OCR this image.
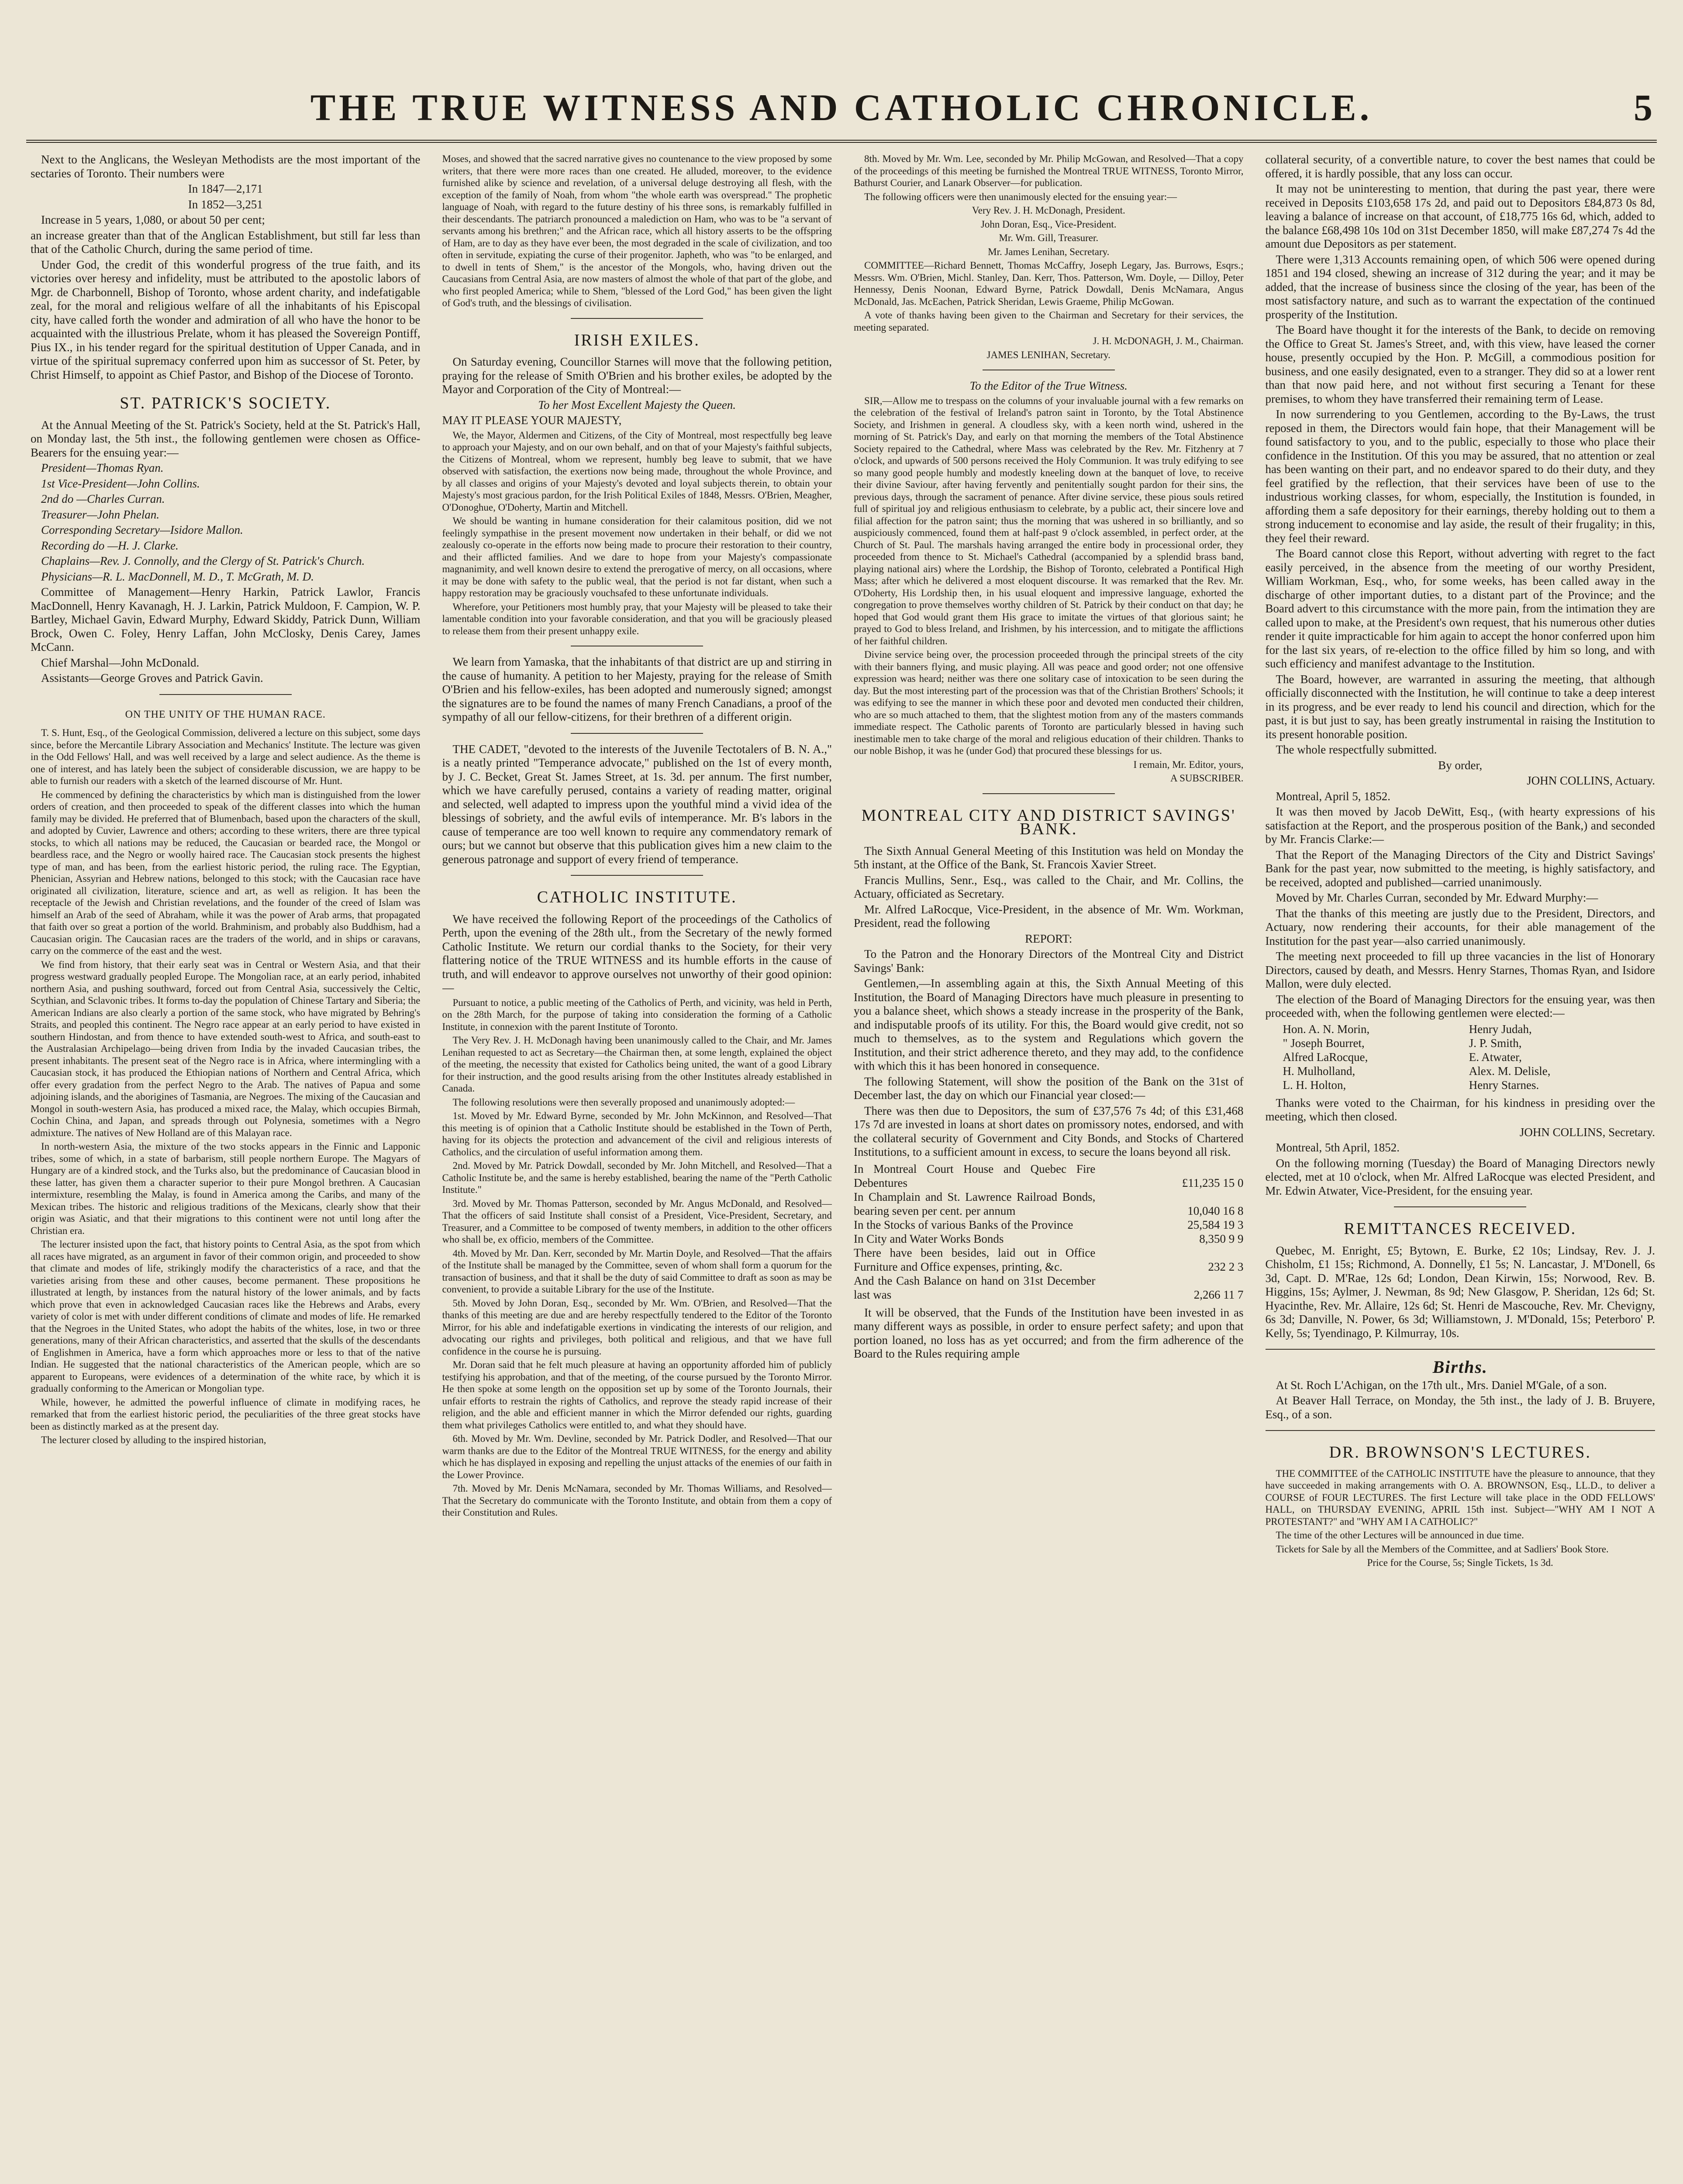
THE TRUE WITNESS AND CATHOLIC CHRONICLE.	5

Next to the Anglicans, the Wesleyan Methodists are the most important of the sectaries of Toronto. Their numbers were

In 1847—2,171

In 1852—3,251

Increase in 5 years, 1,080, or about 50 per cent;

an increase greater than that of the Anglican Establishment, but still far less than that of the Catholic Church, during the same period of time.

Under God, the credit of this wonderful progress of the true faith, and its victories over heresy and infidelity, must be attributed to the apostolic labors of Mgr. de Charbonnell, Bishop of Toronto, whose ardent charity, and indefatigable zeal, for the moral and religious welfare of all the inhabitants of his Episcopal city, have called forth the wonder and admiration of all who have the honor to be acquainted with the illustrious Prelate, whom it has pleased the Sovereign Pontiff, Pius IX., in his tender regard for the spiritual destitution of Upper Canada, and in virtue of the spiritual supremacy conferred upon him as successor of St. Peter, by Christ Himself, to appoint as Chief Pastor, and Bishop of the Diocese of Toronto.

ST. PATRICK'S SOCIETY.

At the Annual Meeting of the St. Patrick's Society, held at the St. Patrick's Hall, on Monday last, the 5th inst., the following gentlemen were chosen as Office-Bearers for the ensuing year:—

President—Thomas Ryan.

1st Vice-President—John Collins.

2nd do —Charles Curran.

Treasurer—John Phelan.

Corresponding Secretary—Isidore Mallon.

Recording do —H. J. Clarke.

Chaplains—Rev. J. Connolly, and the Clergy of St. Patrick's Church.

Physicians—R. L. MacDonnell, M. D., T. McGrath, M. D.

Committee of Management—Henry Harkin, Patrick Lawlor, Francis MacDonnell, Henry Kavanagh, H. J. Larkin, Patrick Muldoon, F. Campion, W. P. Bartley, Michael Gavin, Edward Murphy, Edward Skiddy, Patrick Dunn, William Brock, Owen C. Foley, Henry Laffan, John McClosky, Denis Carey, James McCann.

Chief Marshal—John McDonald.

Assistants—George Groves and Patrick Gavin.

ON THE UNITY OF THE HUMAN RACE.

T. S. Hunt, Esq., of the Geological Commission, delivered a lecture on this subject, some days since, before the Mercantile Library Association and Mechanics' Institute. The lecture was given in the Odd Fellows' Hall, and was well received by a large and select audience. As the theme is one of interest, and has lately been the subject of considerable discussion, we are happy to be able to furnish our readers with a sketch of the learned discourse of Mr. Hunt.

He commenced by defining the characteristics by which man is distinguished from the lower orders of creation, and then proceeded to speak of the different classes into which the human family may be divided. He preferred that of Blumenbach, based upon the characters of the skull, and adopted by Cuvier, Lawrence and others; according to these writers, there are three typical stocks, to which all nations may be reduced, the Caucasian or bearded race, the Mongol or beardless race, and the Negro or woolly haired race. The Caucasian stock presents the highest type of man, and has been, from the earliest historic period, the ruling race. The Egyptian, Phenician, Assyrian and Hebrew nations, belonged to this stock; with the Caucasian race have originated all civilization, literature, science and art, as well as religion. It has been the receptacle of the Jewish and Christian revelations, and the founder of the creed of Islam was himself an Arab of the seed of Abraham, while it was the power of Arab arms, that propagated that faith over so great a portion of the world. Brahminism, and probably also Buddhism, had a Caucasian origin. The Caucasian races are the traders of the world, and in ships or caravans, carry on the commerce of the east and the west.

We find from history, that their early seat was in Central or Western Asia, and that their progress westward gradually peopled Europe. The Mongolian race, at an early period, inhabited northern Asia, and pushing southward, forced out from Central Asia, successively the Celtic, Scythian, and Sclavonic tribes. It forms to-day the population of Chinese Tartary and Siberia; the American Indians are also clearly a portion of the same stock, who have migrated by Behring's Straits, and peopled this continent. The Negro race appear at an early period to have existed in southern Hindostan, and from thence to have extended south-west to Africa, and south-east to the Australasian Archipelago—being driven from India by the invaded Caucasian tribes, the present inhabitants. The present seat of the Negro race is in Africa, where intermingling with a Caucasian stock, it has produced the Ethiopian nations of Northern and Central Africa, which offer every gradation from the perfect Negro to the Arab. The natives of Papua and some adjoining islands, and the aborigines of Tasmania, are Negroes. The mixing of the Caucasian and Mongol in south-western Asia, has produced a mixed race, the Malay, which occupies Birmah, Cochin China, and Japan, and spreads through out Polynesia, sometimes with a Negro admixture. The natives of New Holland are of this Malayan race.

In north-western Asia, the mixture of the two stocks appears in the Finnic and Lapponic tribes, some of which, in a state of barbarism, still people northern Europe. The Magyars of Hungary are of a kindred stock, and the Turks also, but the predominance of Caucasian blood in these latter, has given them a character superior to their pure Mongol brethren. A Caucasian intermixture, resembling the Malay, is found in America among the Caribs, and many of the Mexican tribes. The historic and religious traditions of the Mexicans, clearly show that their origin was Asiatic, and that their migrations to this continent were not until long after the Christian era.

The lecturer insisted upon the fact, that history points to Central Asia, as the spot from which all races have migrated, as an argument in favor of their common origin, and proceeded to show that climate and modes of life, strikingly modify the characteristics of a race, and that the varieties arising from these and other causes, become permanent. These propositions he illustrated at length, by instances from the natural history of the lower animals, and by facts which prove that even in acknowledged Caucasian races like the Hebrews and Arabs, every variety of color is met with under different conditions of climate and modes of life. He remarked that the Negroes in the United States, who adopt the habits of the whites, lose, in two or three generations, many of their African characteristics, and asserted that the skulls of the descendants of Englishmen in America, have a form which approaches more or less to that of the native Indian. He suggested that the national characteristics of the American people, which are so apparent to Europeans, were evidences of a determination of the white race, by which it is gradually conforming to the American or Mongolian type.

While, however, he admitted the powerful influence of climate in modifying races, he remarked that from the earliest historic period, the peculiarities of the three great stocks have been as distinctly marked as at the present day.

The lecturer closed by alluding to the inspired historian,

Moses, and showed that the sacred narrative gives no countenance to the view proposed by some writers, that there were more races than one created. He alluded, moreover, to the evidence furnished alike by science and revelation, of a universal deluge destroying all flesh, with the exception of the family of Noah, from whom "the whole earth was overspread." The prophetic language of Noah, with regard to the future destiny of his three sons, is remarkably fulfilled in their descendants. The patriarch pronounced a malediction on Ham, who was to be "a servant of servants among his brethren;" and the African race, which all history asserts to be the offspring of Ham, are to day as they have ever been, the most degraded in the scale of civilization, and too often in servitude, expiating the curse of their progenitor. Japheth, who was "to be enlarged, and to dwell in tents of Shem," is the ancestor of the Mongols, who, having driven out the Caucasians from Central Asia, are now masters of almost the whole of that part of the globe, and who first peopled America; while to Shem, "blessed of the Lord God," has been given the light of God's truth, and the blessings of civilisation.

IRISH EXILES.

On Saturday evening, Councillor Starnes will move that the following petition, praying for the release of Smith O'Brien and his brother exiles, be adopted by the Mayor and Corporation of the City of Montreal:—

To her Most Excellent Majesty the Queen.

MAY IT PLEASE YOUR MAJESTY,

We, the Mayor, Aldermen and Citizens, of the City of Montreal, most respectfully beg leave to approach your Majesty, and on our own behalf, and on that of your Majesty's faithful subjects, the Citizens of Montreal, whom we represent, humbly beg leave to submit, that we have observed with satisfaction, the exertions now being made, throughout the whole Province, and by all classes and origins of your Majesty's devoted and loyal subjects therein, to obtain your Majesty's most gracious pardon, for the Irish Political Exiles of 1848, Messrs. O'Brien, Meagher, O'Donoghue, O'Doherty, Martin and Mitchell.

We should be wanting in humane consideration for their calamitous position, did we not feelingly sympathise in the present movement now undertaken in their behalf, or did we not zealously co-operate in the efforts now being made to procure their restoration to their country, and their afflicted families. And we dare to hope from your Majesty's compassionate magnanimity, and well known desire to extend the prerogative of mercy, on all occasions, where it may be done with safety to the public weal, that the period is not far distant, when such a happy restoration may be graciously vouchsafed to these unfortunate individuals.

Wherefore, your Petitioners most humbly pray, that your Majesty will be pleased to take their lamentable condition into your favorable consideration, and that you will be graciously pleased to release them from their present unhappy exile.

We learn from Yamaska, that the inhabitants of that district are up and stirring in the cause of humanity. A petition to her Majesty, praying for the release of Smith O'Brien and his fellow-exiles, has been adopted and numerously signed; amongst the signatures are to be found the names of many French Canadians, a proof of the sympathy of all our fellow-citizens, for their brethren of a different origin.

THE CADET, "devoted to the interests of the Juvenile Tectotalers of B. N. A.," is a neatly printed "Temperance advocate," published on the 1st of every month, by J. C. Becket, Great St. James Street, at 1s. 3d. per annum. The first number, which we have carefully perused, contains a variety of reading matter, original and selected, well adapted to impress upon the youthful mind a vivid idea of the blessings of sobriety, and the awful evils of intemperance. Mr. B's labors in the cause of temperance are too well known to require any commendatory remark of ours; but we cannot but observe that this publication gives him a new claim to the generous patronage and support of every friend of temperance.

CATHOLIC INSTITUTE.

We have received the following Report of the proceedings of the Catholics of Perth, upon the evening of the 28th ult., from the Secretary of the newly formed Catholic Institute. We return our cordial thanks to the Society, for their very flattering notice of the TRUE WITNESS and its humble efforts in the cause of truth, and will endeavor to approve ourselves not unworthy of their good opinion:—

Pursuant to notice, a public meeting of the Catholics of Perth, and vicinity, was held in Perth, on the 28th March, for the purpose of taking into consideration the forming of a Catholic Institute, in connexion with the parent Institute of Toronto.

The Very Rev. J. H. McDonagh having been unanimously called to the Chair, and Mr. James Lenihan requested to act as Secretary—the Chairman then, at some length, explained the object of the meeting, the necessity that existed for Catholics being united, the want of a good Library for their instruction, and the good results arising from the other Institutes already established in Canada.

The following resolutions were then severally proposed and unanimously adopted:—

1st. Moved by Mr. Edward Byrne, seconded by Mr. John McKinnon, and Resolved—That this meeting is of opinion that a Catholic Institute should be established in the Town of Perth, having for its objects the protection and advancement of the civil and religious interests of Catholics, and the circulation of useful information among them.

2nd. Moved by Mr. Patrick Dowdall, seconded by Mr. John Mitchell, and Resolved—That a Catholic Institute be, and the same is hereby established, bearing the name of the "Perth Catholic Institute."

3rd. Moved by Mr. Thomas Patterson, seconded by Mr. Angus McDonald, and Resolved—That the officers of said Institute shall consist of a President, Vice-President, Secretary, and Treasurer, and a Committee to be composed of twenty members, in addition to the other officers who shall be, ex officio, members of the Committee.

4th. Moved by Mr. Dan. Kerr, seconded by Mr. Martin Doyle, and Resolved—That the affairs of the Institute shall be managed by the Committee, seven of whom shall form a quorum for the transaction of business, and that it shall be the duty of said Committee to draft as soon as may be convenient, to provide a suitable Library for the use of the Institute.

5th. Moved by John Doran, Esq., seconded by Mr. Wm. O'Brien, and Resolved—That the thanks of this meeting are due and are hereby respectfully tendered to the Editor of the Toronto Mirror, for his able and indefatigable exertions in vindicating the interests of our religion, and advocating our rights and privileges, both political and religious, and that we have full confidence in the course he is pursuing.

Mr. Doran said that he felt much pleasure at having an opportunity afforded him of publicly testifying his approbation, and that of the meeting, of the course pursued by the Toronto Mirror. He then spoke at some length on the opposition set up by some of the Toronto Journals, their unfair efforts to restrain the rights of Catholics, and reprove the steady rapid increase of their religion, and the able and efficient manner in which the Mirror defended our rights, guarding them what privileges Catholics were entitled to, and what they should have.

6th. Moved by Mr. Wm. Devline, seconded by Mr. Patrick Dodler, and Resolved—That our warm thanks are due to the Editor of the Montreal TRUE WITNESS, for the energy and ability which he has displayed in exposing and repelling the unjust attacks of the enemies of our faith in the Lower Province.

7th. Moved by Mr. Denis McNamara, seconded by Mr. Thomas Williams, and Resolved—That the Secretary do communicate with the Toronto Institute, and obtain from them a copy of their Constitution and Rules.

8th. Moved by Mr. Wm. Lee, seconded by Mr. Philip McGowan, and Resolved—That a copy of the proceedings of this meeting be furnished the Montreal TRUE WITNESS, Toronto Mirror, Bathurst Courier, and Lanark Observer—for publication.

The following officers were then unanimously elected for the ensuing year:—

Very Rev. J. H. McDonagh, President.

John Doran, Esq., Vice-President.

Mr. Wm. Gill, Treasurer.

Mr. James Lenihan, Secretary.

COMMITTEE—Richard Bennett, Thomas McCaffry, Joseph Legary, Jas. Burrows, Esqrs.; Messrs. Wm. O'Brien, Michl. Stanley, Dan. Kerr, Thos. Patterson, Wm. Doyle, — Dilloy, Peter Hennessy, Denis Noonan, Edward Byrne, Patrick Dowdall, Denis McNamara, Angus McDonald, Jas. McEachen, Patrick Sheridan, Lewis Graeme, Philip McGowan.

A vote of thanks having been given to the Chairman and Secretary for their services, the meeting separated.

J. H. McDONAGH, J. M., Chairman.

JAMES LENIHAN, Secretary.

To the Editor of the True Witness.

SIR,—Allow me to trespass on the columns of your invaluable journal with a few remarks on the celebration of the festival of Ireland's patron saint in Toronto, by the Total Abstinence Society, and Irishmen in general. A cloudless sky, with a keen north wind, ushered in the morning of St. Patrick's Day, and early on that morning the members of the Total Abstinence Society repaired to the Cathedral, where Mass was celebrated by the Rev. Mr. Fitzhenry at 7 o'clock, and upwards of 500 persons received the Holy Communion. It was truly edifying to see so many good people humbly and modestly kneeling down at the banquet of love, to receive their divine Saviour, after having fervently and penitentially sought pardon for their sins, the previous days, through the sacrament of penance. After divine service, these pious souls retired full of spiritual joy and religious enthusiasm to celebrate, by a public act, their sincere love and filial affection for the patron saint; thus the morning that was ushered in so brilliantly, and so auspiciously commenced, found them at half-past 9 o'clock assembled, in perfect order, at the Church of St. Paul. The marshals having arranged the entire body in processional order, they proceeded from thence to St. Michael's Cathedral (accompanied by a splendid brass band, playing national airs) where the Lordship, the Bishop of Toronto, celebrated a Pontifical High Mass; after which he delivered a most eloquent discourse. It was remarked that the Rev. Mr. O'Doherty, His Lordship then, in his usual eloquent and impressive language, exhorted the congregation to prove themselves worthy children of St. Patrick by their conduct on that day; he hoped that God would grant them His grace to imitate the virtues of that glorious saint; he prayed to God to bless Ireland, and Irishmen, by his intercession, and to mitigate the afflictions of her faithful children.

Divine service being over, the procession proceeded through the principal streets of the city with their banners flying, and music playing. All was peace and good order; not one offensive expression was heard; neither was there one solitary case of intoxication to be seen during the day. But the most interesting part of the procession was that of the Christian Brothers' Schools; it was edifying to see the manner in which these poor and devoted men conducted their children, who are so much attached to them, that the slightest motion from any of the masters commands immediate respect. The Catholic parents of Toronto are particularly blessed in having such inestimable men to take charge of the moral and religious education of their children. Thanks to our noble Bishop, it was he (under God) that procured these blessings for us.

I remain, Mr. Editor, yours,

A SUBSCRIBER.

MONTREAL CITY AND DISTRICT SAVINGS' BANK.

The Sixth Annual General Meeting of this Institution was held on Monday the 5th instant, at the Office of the Bank, St. Francois Xavier Street.

Francis Mullins, Senr., Esq., was called to the Chair, and Mr. Collins, the Actuary, officiated as Secretary.

Mr. Alfred LaRocque, Vice-President, in the absence of Mr. Wm. Workman, President, read the following

REPORT:

To the Patron and the Honorary Directors of the Montreal City and District Savings' Bank:

Gentlemen,—In assembling again at this, the Sixth Annual Meeting of this Institution, the Board of Managing Directors have much pleasure in presenting to you a balance sheet, which shows a steady increase in the prosperity of the Bank, and indisputable proofs of its utility. For this, the Board would give credit, not so much to themselves, as to the system and Regulations which govern the Institution, and their strict adherence thereto, and they may add, to the confidence with which this it has been honored in consequence.

The following Statement, will show the position of the Bank on the 31st of December last, the day on which our Financial year closed:—

There was then due to Depositors, the sum of £37,576 7s 4d; of this £31,468 17s 7d are invested in loans at short dates on promissory notes, endorsed, and with the collateral security of Government and City Bonds, and Stocks of Chartered Institutions, to a sufficient amount in excess, to secure the loans beyond all risk.

In Montreal Court House and Quebec Fire Debentures	£11,235 15 0
In Champlain and St. Lawrence Railroad Bonds, bearing seven per cent. per annum	10,040 16 8
In the Stocks of various Banks of the Province	25,584 19 3
In City and Water Works Bonds	8,350 9 9
There have been besides, laid out in Office Furniture and Office expenses, printing, &c.	232 2 3
And the Cash Balance on hand on 31st December last was	2,266 11 7

It will be observed, that the Funds of the Institution have been invested in as many different ways as possible, in order to ensure perfect safety; and upon that portion loaned, no loss has as yet occurred; and from the firm adherence of the Board to the Rules requiring ample

collateral security, of a convertible nature, to cover the best names that could be offered, it is hardly possible, that any loss can occur.

It may not be uninteresting to mention, that during the past year, there were received in Deposits £103,658 17s 2d, and paid out to Depositors £84,873 0s 8d, leaving a balance of increase on that account, of £18,775 16s 6d, which, added to the balance £68,498 10s 10d on 31st December 1850, will make £87,274 7s 4d the amount due Depositors as per statement.

There were 1,313 Accounts remaining open, of which 506 were opened during 1851 and 194 closed, shewing an increase of 312 during the year; and it may be added, that the increase of business since the closing of the year, has been of the most satisfactory nature, and such as to warrant the expectation of the continued prosperity of the Institution.

The Board have thought it for the interests of the Bank, to decide on removing the Office to Great St. James's Street, and, with this view, have leased the corner house, presently occupied by the Hon. P. McGill, a commodious position for business, and one easily designated, even to a stranger. They did so at a lower rent than that now paid here, and not without first securing a Tenant for these premises, to whom they have transferred their remaining term of Lease.

In now surrendering to you Gentlemen, according to the By-Laws, the trust reposed in them, the Directors would fain hope, that their Management will be found satisfactory to you, and to the public, especially to those who place their confidence in the Institution. Of this you may be assured, that no attention or zeal has been wanting on their part, and no endeavor spared to do their duty, and they feel gratified by the reflection, that their services have been of use to the industrious working classes, for whom, especially, the Institution is founded, in affording them a safe depository for their earnings, thereby holding out to them a strong inducement to economise and lay aside, the result of their frugality; in this, they feel their reward.

The Board cannot close this Report, without adverting with regret to the fact easily perceived, in the absence from the meeting of our worthy President, William Workman, Esq., who, for some weeks, has been called away in the discharge of other important duties, to a distant part of the Province; and the Board advert to this circumstance with the more pain, from the intimation they are called upon to make, at the President's own request, that his numerous other duties render it quite impracticable for him again to accept the honor conferred upon him for the last six years, of re-election to the office filled by him so long, and with such efficiency and manifest advantage to the Institution.

The Board, however, are warranted in assuring the meeting, that although officially disconnected with the Institution, he will continue to take a deep interest in its progress, and be ever ready to lend his council and direction, which for the past, it is but just to say, has been greatly instrumental in raising the Institution to its present honorable position.

The whole respectfully submitted.

By order,

JOHN COLLINS, Actuary.

Montreal, April 5, 1852.

It was then moved by Jacob DeWitt, Esq., (with hearty expressions of his satisfaction at the Report, and the prosperous position of the Bank,) and seconded by Mr. Francis Clarke:—

That the Report of the Managing Directors of the City and District Savings' Bank for the past year, now submitted to the meeting, is highly satisfactory, and be received, adopted and published—carried unanimously.

Moved by Mr. Charles Curran, seconded by Mr. Edward Murphy:—

That the thanks of this meeting are justly due to the President, Directors, and Actuary, now rendering their accounts, for their able management of the Institution for the past year—also carried unanimously.

The meeting next proceeded to fill up three vacancies in the list of Honorary Directors, caused by death, and Messrs. Henry Starnes, Thomas Ryan, and Isidore Mallon, were duly elected.

The election of the Board of Managing Directors for the ensuing year, was then proceeded with, when the following gentlemen were elected:—

Hon. A. N. Morin,	Henry Judah,
" Joseph Bourret,	J. P. Smith,
Alfred LaRocque,	E. Atwater,
H. Mulholland,	Alex. M. Delisle,
L. H. Holton,	Henry Starnes.

Thanks were voted to the Chairman, for his kindness in presiding over the meeting, which then closed.

JOHN COLLINS, Secretary.

Montreal, 5th April, 1852.

On the following morning (Tuesday) the Board of Managing Directors newly elected, met at 10 o'clock, when Mr. Alfred LaRocque was elected President, and Mr. Edwin Atwater, Vice-President, for the ensuing year.

REMITTANCES RECEIVED.

Quebec, M. Enright, £5; Bytown, E. Burke, £2 10s; Lindsay, Rev. J. J. Chisholm, £1 15s; Richmond, A. Donnelly, £1 5s; N. Lancastar, J. M'Donell, 6s 3d, Capt. D. M'Rae, 12s 6d; London, Dean Kirwin, 15s; Norwood, Rev. B. Higgins, 15s; Aylmer, J. Newman, 8s 9d; New Glasgow, P. Sheridan, 12s 6d; St. Hyacinthe, Rev. Mr. Allaire, 12s 6d; St. Henri de Mascouche, Rev. Mr. Chevigny, 6s 3d; Danville, N. Power, 6s 3d; Williamstown, J. M'Donald, 15s; Peterboro' P. Kelly, 5s; Tyendinago, P. Kilmurray, 10s.

Births.

At St. Roch L'Achigan, on the 17th ult., Mrs. Daniel M'Gale, of a son.

At Beaver Hall Terrace, on Monday, the 5th inst., the lady of J. B. Bruyere, Esq., of a son.

DR. BROWNSON'S LECTURES.

THE COMMITTEE of the CATHOLIC INSTITUTE have the pleasure to announce, that they have succeeded in making arrangements with O. A. BROWNSON, Esq., LL.D., to deliver a COURSE of FOUR LECTURES. The first Lecture will take place in the ODD FELLOWS' HALL, on THURSDAY EVENING, APRIL 15th inst. Subject—"WHY AM I NOT A PROTESTANT?" and "WHY AM I A CATHOLIC?"

The time of the other Lectures will be announced in due time.

Tickets for Sale by all the Members of the Committee, and at Sadliers' Book Store.

Price for the Course, 5s; Single Tickets, 1s 3d.
